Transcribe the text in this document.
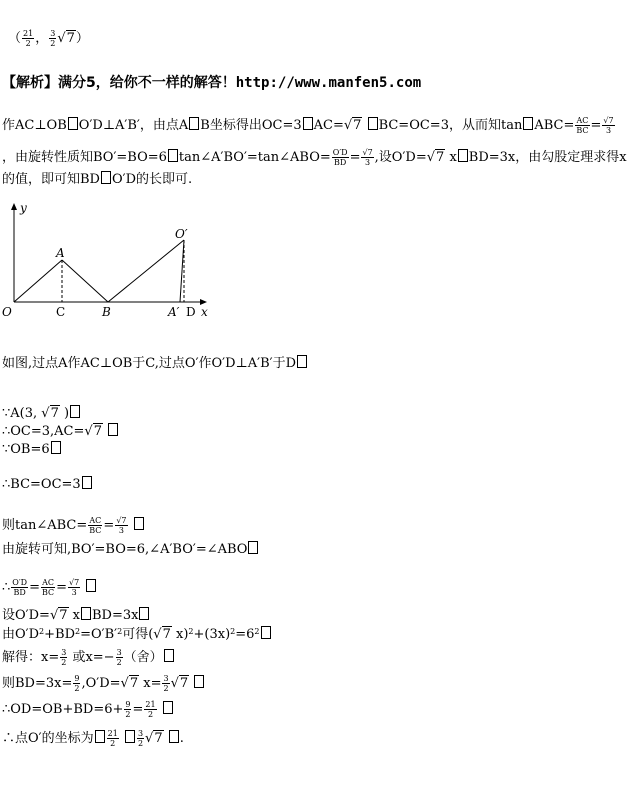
（ $\frac{21}{2}$ ， $\frac{3}{2} √7$）
【解析】满分5，给你不一样的解答！http://www.manfen5.com
作AC⊥OB O′D⊥A′B′，由点A B坐标得出OC=3 AC=√7 BC=OC=3，从而知$\tan ABC= \frac{AC}{BC} = \frac{√7}{3}$
，由旋转性质知BO′=BO=6 tan∠A′BO′=tan∠ABO= $\frac{O'D}{BD} = \frac{√7}{3}$ ,设O′D=√7 x BD=3x，由勾股定理求得x
的值，即可知BD O′D的长即可.
y
x
O
A
B
O′
A′
C	D
如图,过点A作AC⊥OB于C,过点O′作O′D⊥A′B′于D
∵A(3, √7 )
∴OC=3,AC=√7
∵OB=6
∴BC=OC=3
则tan∠ABC= $\frac{AC}{BC} = \frac{√7}{3}$

由旋转可知,BO′=BO=6,∠A′BO′=∠ABO
∴ $\frac{O'D}{BD} = \frac{AC}{BC} = \frac{√7}{3}$

设O′D=√7 x BD=3x
由$O'D^2+BD^2=O'B'^2$可得(√7 $x)^2+(3x)^2=6^2$
解得：$x= \frac{3}{2}$ 或$x=- \frac{3}{2}$ （舍）
则$BD=3x= \frac{9}{2} ,O'D=√7$ $x= \frac{3}{2} √7$
∴OD=OB+BD=6+ $\frac{9}{2} = \frac{21}{2}$

∴点O′的坐标为 $\frac{21}{2}$
$\frac{3}{2} √7$ .
